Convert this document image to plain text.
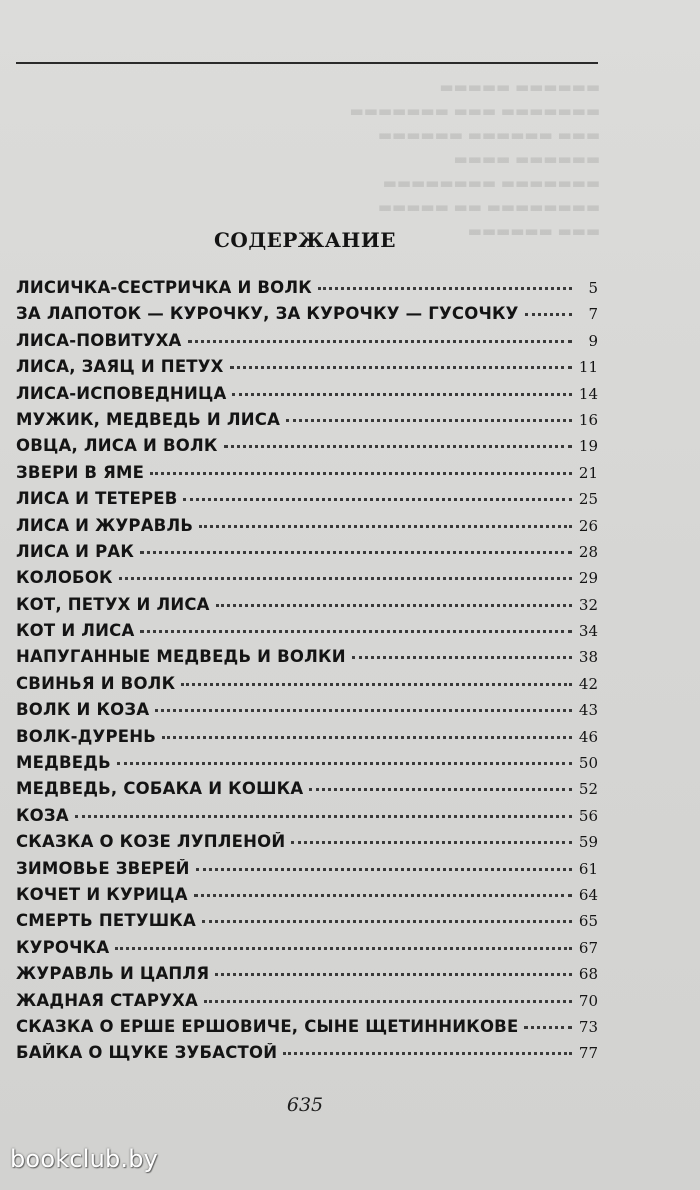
▬▬▬▬▬ ▬▬▬▬▬▬
▬▬▬▬▬▬▬ ▬▬▬ ▬▬▬▬▬▬▬
▬▬▬▬▬▬ ▬▬▬▬▬▬ ▬▬▬
▬▬▬▬ ▬▬▬▬▬▬
▬▬▬▬▬▬▬▬ ▬▬▬▬▬▬▬
▬▬▬▬▬ ▬▬ ▬▬▬▬▬▬▬▬
▬▬▬▬▬▬ ▬▬▬
СОДЕРЖАНИЕ
ЛИСИЧКА-СЕСТРИЧКА И ВОЛК	5
ЗА ЛАПОТОК — КУРОЧКУ, ЗА КУРОЧКУ — ГУСОЧКУ	7
ЛИСА-ПОВИТУХА	9
ЛИСА, ЗАЯЦ И ПЕТУХ	11
ЛИСА-ИСПОВЕДНИЦА	14
МУЖИК, МЕДВЕДЬ И ЛИСА	16
ОВЦА, ЛИСА И ВОЛК	19
ЗВЕРИ В ЯМЕ	21
ЛИСА И ТЕТЕРЕВ	25
ЛИСА И ЖУРАВЛЬ	26
ЛИСА И РАК	28
КОЛОБОК	29
КОТ, ПЕТУХ И ЛИСА	32
КОТ И ЛИСА	34
НАПУГАННЫЕ МЕДВЕДЬ И ВОЛКИ	38
СВИНЬЯ И ВОЛК	42
ВОЛК И КОЗА	43
ВОЛК-ДУРЕНЬ	46
МЕДВЕДЬ	50
МЕДВЕДЬ, СОБАКА И КОШКА	52
КОЗА	56
СКАЗКА О КОЗЕ ЛУПЛЕНОЙ	59
ЗИМОВЬЕ ЗВЕРЕЙ	61
КОЧЕТ И КУРИЦА	64
СМЕРТЬ ПЕТУШКА	65
КУРОЧКА	67
ЖУРАВЛЬ И ЦАПЛЯ	68
ЖАДНАЯ СТАРУХА	70
СКАЗКА О ЕРШЕ ЕРШОВИЧЕ, СЫНЕ ЩЕТИННИКОВЕ	73
БАЙКА О ЩУКЕ ЗУБАСТОЙ	77
635
bookclub.by
